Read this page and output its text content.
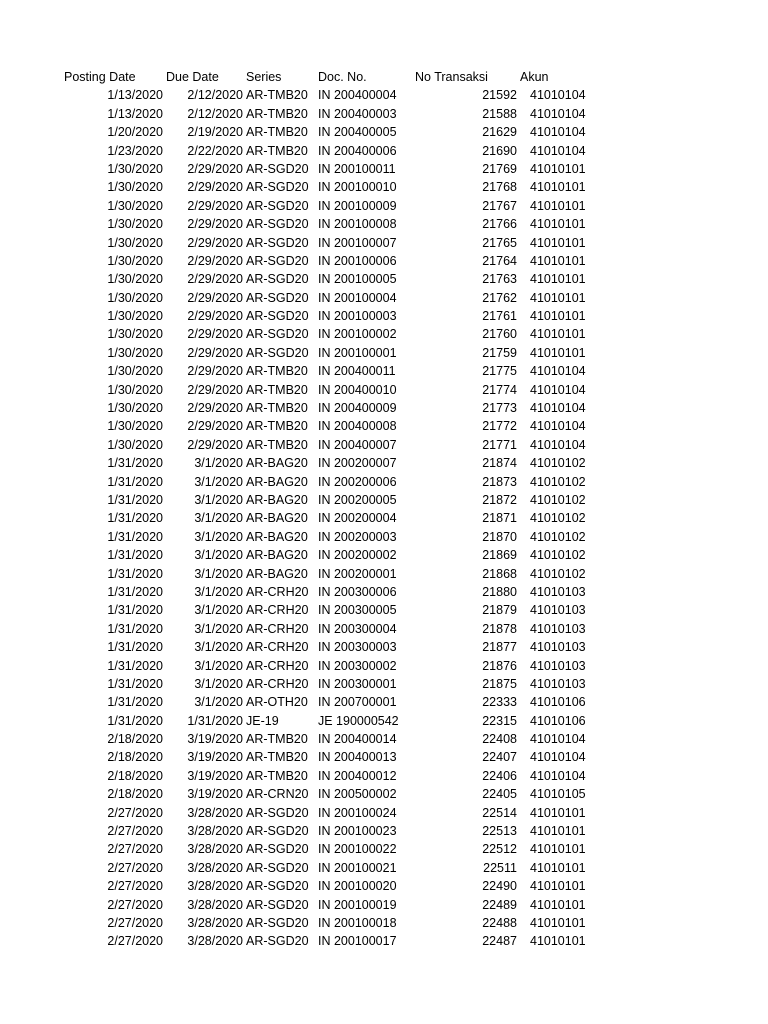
Posting Date Due Date Series	Doc. No.	No Transaksi	Akun
1/13/2020 2/12/2020 AR-TMB20 IN 200400004	21592 41010104
1/13/2020 2/12/2020 AR-TMB20 IN 200400003	21588 41010104
1/20/2020 2/19/2020 AR-TMB20 IN 200400005	21629 41010104
1/23/2020 2/22/2020 AR-TMB20 IN 200400006	21690 41010104
1/30/2020 2/29/2020 AR-SGD20 IN 200100011	21769 41010101
1/30/2020 2/29/2020 AR-SGD20 IN 200100010	21768 41010101
1/30/2020 2/29/2020 AR-SGD20 IN 200100009	21767 41010101
1/30/2020 2/29/2020 AR-SGD20 IN 200100008	21766 41010101
1/30/2020 2/29/2020 AR-SGD20 IN 200100007	21765 41010101
1/30/2020 2/29/2020 AR-SGD20 IN 200100006	21764 41010101
1/30/2020 2/29/2020 AR-SGD20 IN 200100005	21763 41010101
1/30/2020 2/29/2020 AR-SGD20 IN 200100004	21762 41010101
1/30/2020 2/29/2020 AR-SGD20 IN 200100003	21761 41010101
1/30/2020 2/29/2020 AR-SGD20 IN 200100002	21760 41010101
1/30/2020 2/29/2020 AR-SGD20 IN 200100001	21759 41010101
1/30/2020 2/29/2020 AR-TMB20 IN 200400011	21775 41010104
1/30/2020 2/29/2020 AR-TMB20 IN 200400010	21774 41010104
1/30/2020 2/29/2020 AR-TMB20 IN 200400009	21773 41010104
1/30/2020 2/29/2020 AR-TMB20 IN 200400008	21772 41010104
1/30/2020 2/29/2020 AR-TMB20 IN 200400007	21771 41010104
1/31/2020	3/1/2020 AR-BAG20 IN 200200007	21874 41010102
1/31/2020	3/1/2020 AR-BAG20 IN 200200006	21873 41010102
1/31/2020	3/1/2020 AR-BAG20 IN 200200005	21872 41010102
1/31/2020	3/1/2020 AR-BAG20 IN 200200004	21871 41010102
1/31/2020	3/1/2020 AR-BAG20 IN 200200003	21870 41010102
1/31/2020	3/1/2020 AR-BAG20 IN 200200002	21869 41010102
1/31/2020	3/1/2020 AR-BAG20 IN 200200001	21868 41010102
1/31/2020	3/1/2020 AR-CRH20 IN 200300006	21880 41010103
1/31/2020	3/1/2020 AR-CRH20 IN 200300005	21879 41010103
1/31/2020	3/1/2020 AR-CRH20 IN 200300004	21878 41010103
1/31/2020	3/1/2020 AR-CRH20 IN 200300003	21877 41010103
1/31/2020	3/1/2020 AR-CRH20 IN 200300002	21876 41010103
1/31/2020	3/1/2020 AR-CRH20 IN 200300001	21875 41010103
1/31/2020	3/1/2020 AR-OTH20 IN 200700001	22333 41010106
1/31/2020 1/31/2020 JE-19	JE 190000542	22315 41010106
2/18/2020 3/19/2020 AR-TMB20 IN 200400014	22408 41010104
2/18/2020 3/19/2020 AR-TMB20 IN 200400013	22407 41010104
2/18/2020 3/19/2020 AR-TMB20 IN 200400012	22406 41010104
2/18/2020 3/19/2020 AR-CRN20 IN 200500002	22405 41010105
2/27/2020 3/28/2020 AR-SGD20 IN 200100024	22514 41010101
2/27/2020 3/28/2020 AR-SGD20 IN 200100023	22513 41010101
2/27/2020 3/28/2020 AR-SGD20 IN 200100022	22512 41010101
2/27/2020 3/28/2020 AR-SGD20 IN 200100021	22511 41010101
2/27/2020 3/28/2020 AR-SGD20 IN 200100020	22490 41010101
2/27/2020 3/28/2020 AR-SGD20 IN 200100019	22489 41010101
2/27/2020 3/28/2020 AR-SGD20 IN 200100018	22488 41010101
2/27/2020 3/28/2020 AR-SGD20 IN 200100017	22487 41010101
